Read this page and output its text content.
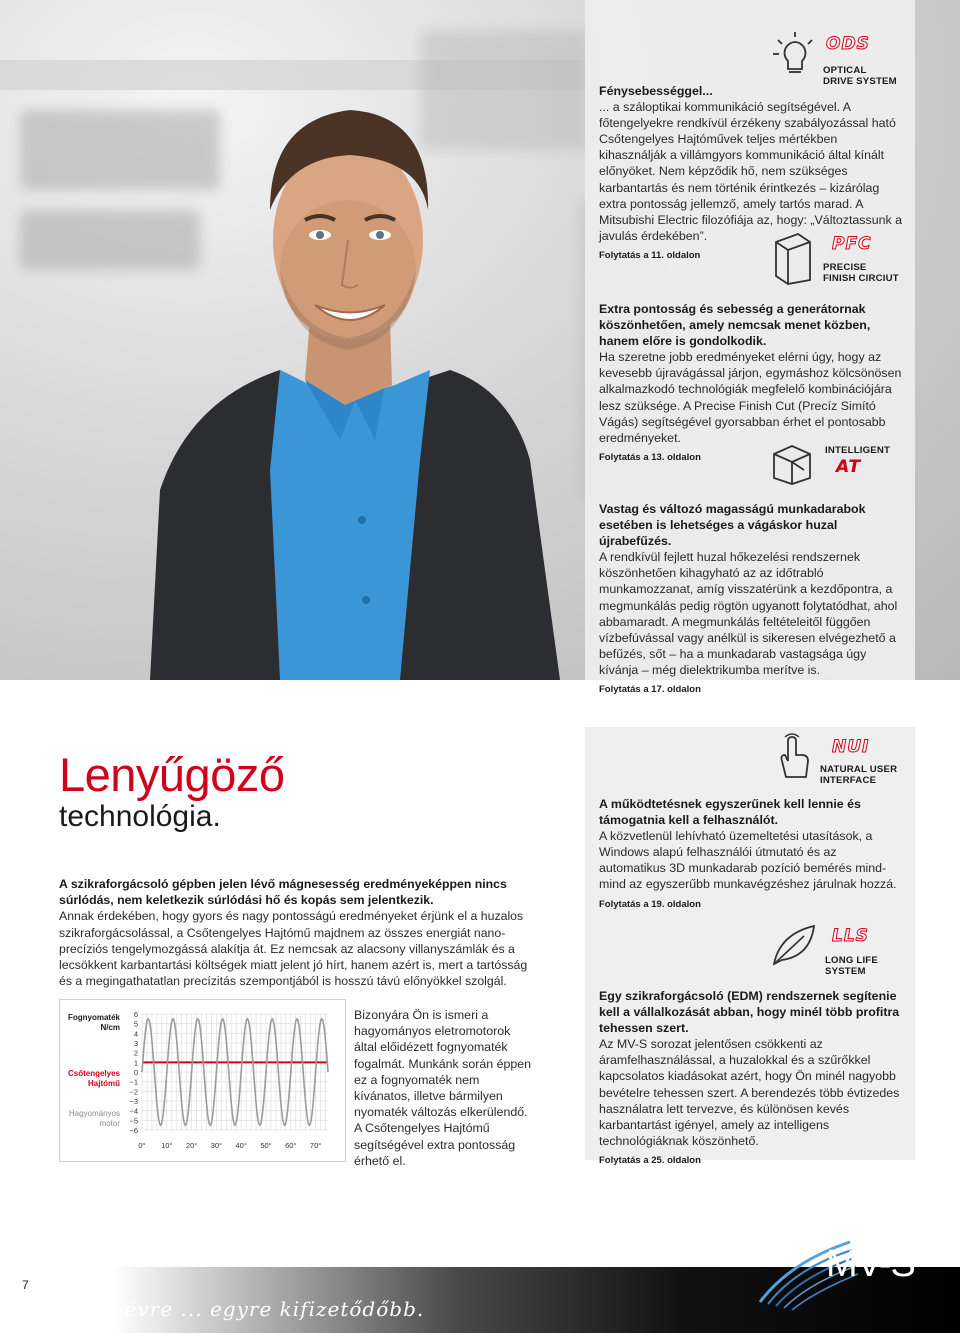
ODS
OPTICAL
DRIVE SYSTEM
Fénysebességgel...
... a száloptikai kommunikáció segítségével. A főtengelyekre rendkívül érzékeny szabályozással ható Csőtengelyes Hajtóművek teljes mértékben kihasználják a villámgyors kommunikáció által kínált előnyöket. Nem képződik hő, nem szükséges karbantartás és nem történik érintkezés – kizárólag extra pontosság jellemző, amely tartós marad. A Mitsubishi Electric filozófiája az, hogy: „Változtassunk a javulás érdekében”.
Folytatás a 11. oldalon
PFC
PRECISE
FINISH CIRCIUT
Extra pontosság és sebesség a generátornak köszönhetően, amely nemcsak menet közben, hanem előre is gondolkodik.
Ha szeretne jobb eredményeket elérni úgy, hogy az kevesebb újravágással járjon, egymáshoz kölcsönösen alkalmazkodó technológiák megfelelő kombinációjára lesz szüksége. A Precise Finish Cut (Precíz Simító Vágás) segítségével gyorsabban érhet el pontosabb eredményeket.
Folytatás a 13. oldalon
INTELLIGENT
AT
Vastag és változó magasságú munkadarabok esetében is lehetséges a vágáskor huzal újrabefűzés.
A rendkívül fejlett huzal hőkezelési rendszernek köszönhetően kihagyható az az időtrabló munkamozzanat, amíg visszatérünk a kezdőpontra, a megmunkálás pedig rögtön ugyanott folytatódhat, ahol abbamaradt. A megmunkálás feltételeitől függően vízbefúvással vagy anélkül is sikeresen elvégezhető a befűzés, sőt – ha a munkadarab vastagsága úgy kívánja – még dielektrikumba merítve is.
Folytatás a 17. oldalon
NUI
NATURAL USER
INTERFACE
A működtetésnek egyszerűnek kell lennie és támogatnia kell a felhasználót.
A közvetlenül lehívható üzemeltetési utasítások, a Windows alapú felhasználói útmutató és az automatikus 3D munkadarab pozíció bemérés mind-mind az egyszerűbb munkavégzéshez járulnak hozzá.
Folytatás a 19. oldalon
LLS
LONG LIFE
SYSTEM
Egy szikraforgácsoló (EDM) rendszernek segítenie kell a vállalkozását abban, hogy minél több profitra tehessen szert.
Az MV-S sorozat jelentősen csökkenti az áramfelhasználással, a huzalokkal és a szűrőkkel kapcsolatos kiadásokat azért, hogy Ön minél nagyobb bevételre tehessen szert. A berendezés több évtizedes használatra lett tervezve, és különösen kevés karbantartást igényel, amely az intelligens technológiáknak köszönhető.
Folytatás a 25. oldalon
Lenyűgöző
technológia.
A szikraforgácsoló gépben jelen lévő mágnesesség eredményeképpen nincs súrlódás, nem keletkezik súrlódási hő és kopás sem jelentkezik.
Annak érdekében, hogy gyors és nagy pontosságú eredményeket érjünk el a huzalos szikraforgácsolással, a Csőtengelyes Hajtómű majdnem az összes energiát nano-precíziós tengelymozgássá alakítja át. Ez nemcsak az alacsony villanyszámlák és a lecsökkent karbantartási költségek miatt jelent jó hírt, hanem azért is, mert a tartósság és a megingathatatlan precízitás szempontjából is hosszú távú előnyökkel szolgál.
Fognyomaték
N/cm
Csőtengelyes
Hajtómű
Hagyományos
motor
6
5
4
3
2
1
0
−1
−2
−3
−4
−5
−6
0° 10° 20° 30° 40° 50° 60° 70°
Bizonyára Ön is ismeri a hagyományos eletromotorok által előidézett fognyomaték fogalmát. Munkánk során éppen ez a fognyomaték nem kívánatos, illetve bármilyen nyomaték változás elkerülendő. A Csőtengelyes Hajtómű segítségével extra pontosság érhető el.
MV-S
7
Évről-évre ... egyre kifizetődőbb.
